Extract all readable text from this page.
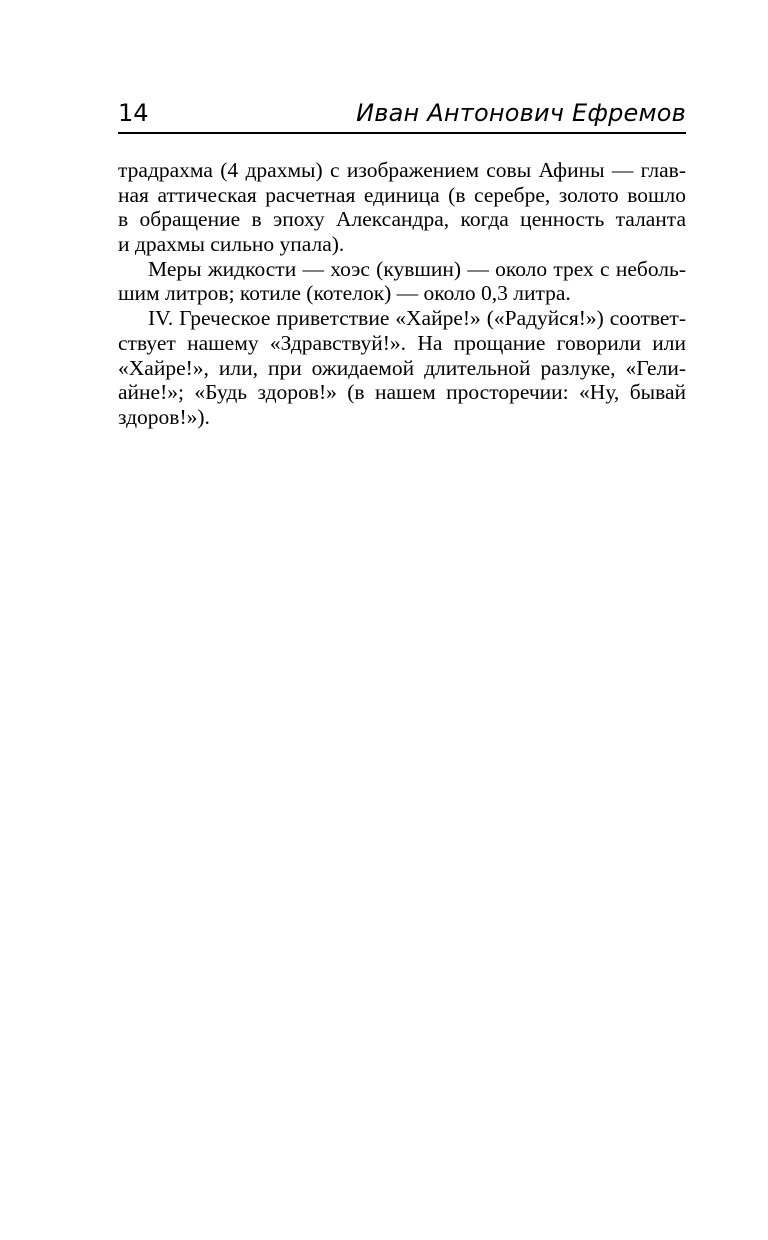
14	Иван Антонович Ефремов
традрахма (4 драхмы) с изображением совы Афины — глав-
ная аттическая расчетная единица (в серебре, золото вошло
в обращение в эпоху Александра, когда ценность таланта
и драхмы сильно упала).
Меры жидкости — хоэс (кувшин) — около трех с неболь-
шим литров; котиле (котелок) — около 0,3 литра.
IV. Греческое приветствие «Хайре!» («Радуйся!») соответ-
ствует нашему «Здравствуй!». На прощание говорили или
«Хайре!», или, при ожидаемой длительной разлуке, «Гели-
айне!»; «Будь здоров!» (в нашем просторечии: «Ну, бывай
здоров!»).
